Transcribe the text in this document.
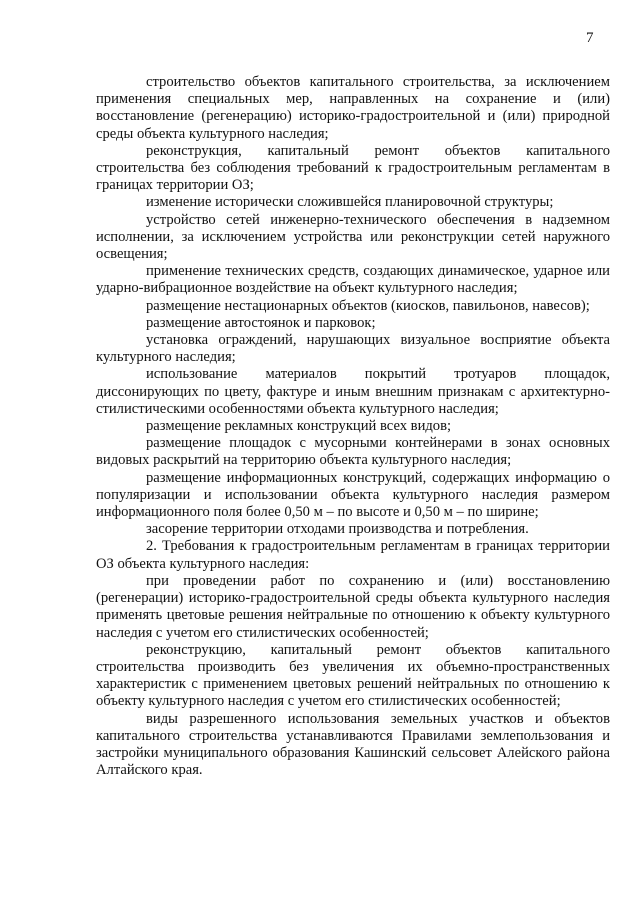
7

строительство объектов капитального строительства, за исключением применения специальных мер, направленных на сохранение и (или) восстановление (регенерацию) историко-градостроительной и (или) природной среды объекта культурного наследия;

реконструкция, капитальный ремонт объектов капитального строительства без соблюдения требований к градостроительным регламентам в границах территории ОЗ;

изменение исторически сложившейся планировочной структуры;

устройство сетей инженерно-технического обеспечения в надземном исполнении, за исключением устройства или реконструкции сетей наружного освещения;

применение технических средств, создающих динамическое, ударное или ударно-вибрационное воздействие на объект культурного наследия;

размещение нестационарных объектов (киосков, павильонов, навесов);

размещение автостоянок и парковок;

установка ограждений, нарушающих визуальное восприятие объекта культурного наследия;

использование материалов покрытий тротуаров площадок, диссонирующих по цвету, фактуре и иным внешним признакам с архитектурно-стилистическими особенностями объекта культурного наследия;

размещение рекламных конструкций всех видов;

размещение площадок с мусорными контейнерами в зонах основных видовых раскрытий на территорию объекта культурного наследия;

размещение информационных конструкций, содержащих информацию о популяризации и использовании объекта культурного наследия размером информационного поля более 0,50 м – по высоте и 0,50 м – по ширине;

засорение территории отходами производства и потребления.

2. Требования к градостроительным регламентам в границах территории ОЗ объекта культурного наследия:

при проведении работ по сохранению и (или) восстановлению (регенерации) историко-градостроительной среды объекта культурного наследия применять цветовые решения нейтральные по отношению к объекту культурного наследия с учетом его стилистических особенностей;

реконструкцию, капитальный ремонт объектов капитального строительства производить без увеличения их объемно-пространственных характеристик с применением цветовых решений нейтральных по отношению к объекту культурного наследия с учетом его стилистических особенностей;

виды разрешенного использования земельных участков и объектов капитального строительства устанавливаются Правилами землепользования и застройки муниципального образования Кашинский сельсовет Алейского района Алтайского края.
